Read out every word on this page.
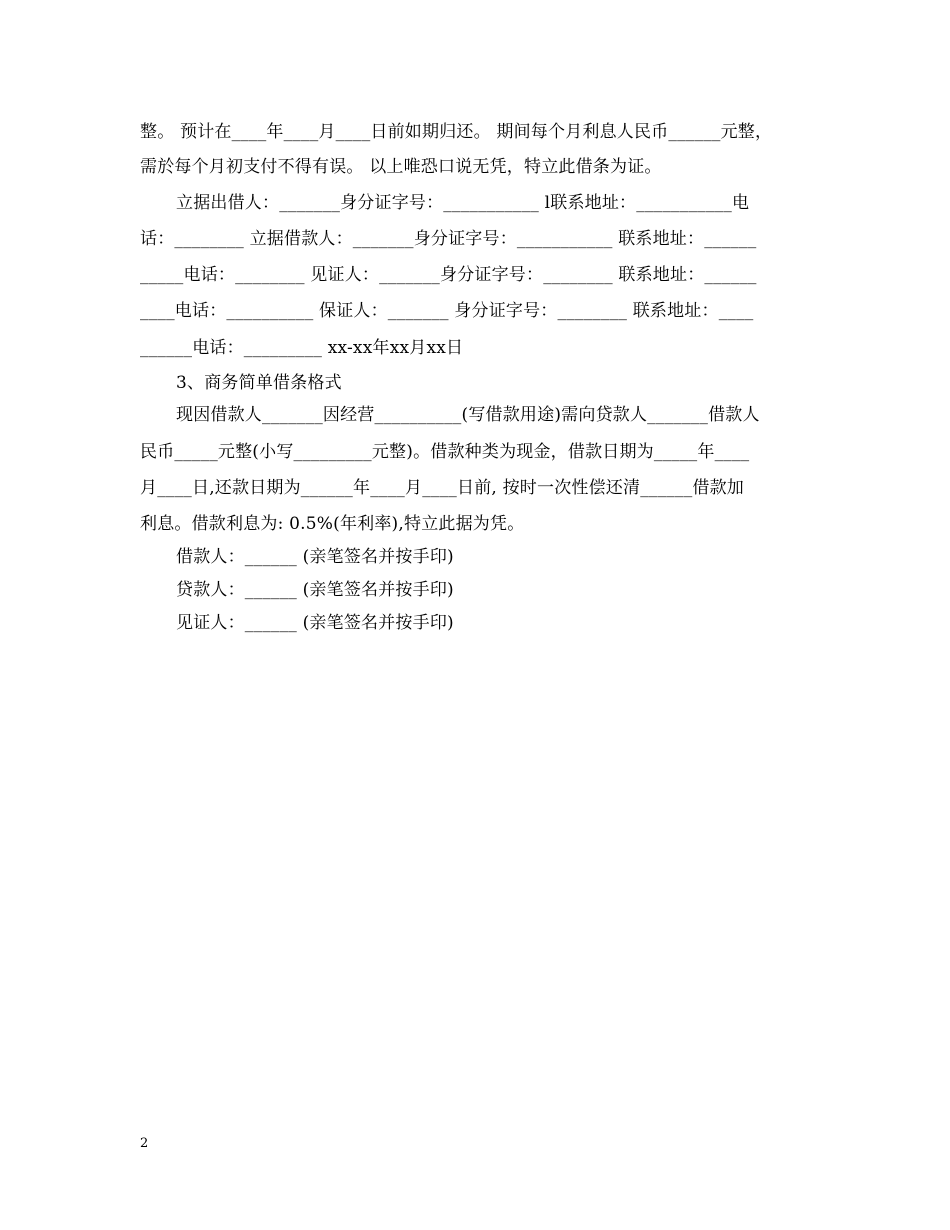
整。 预计在____年____月____日前如期归还。 期间每个月利息人民币______元整，
需於每个月初支付不得有误。 以上唯恐口说无凭，特立此借条为证。
立据出借人：_______身分证字号：___________ l联系地址：___________电
话：________ 立据借款人：_______身分证字号：___________ 联系地址：______
_____电话：________ 见证人：_______身分证字号：________ 联系地址：______
____电话：__________ 保证人：_______ 身分证字号：________ 联系地址：____
______电话：_________ xx-xx年xx月xx日
3、商务简单借条格式
现因借款人_______因经营__________(写借款用途)需向贷款人_______借款人
民币_____元整(小写_________元整)。借款种类为现金，借款日期为_____年____
月____日,还款日期为______年____月____日前, 按时一次性偿还清______借款加
利息。借款利息为: 0.5%(年利率),特立此据为凭。
借款人：______ (亲笔签名并按手印)
贷款人：______ (亲笔签名并按手印)
见证人：______ (亲笔签名并按手印)
2
